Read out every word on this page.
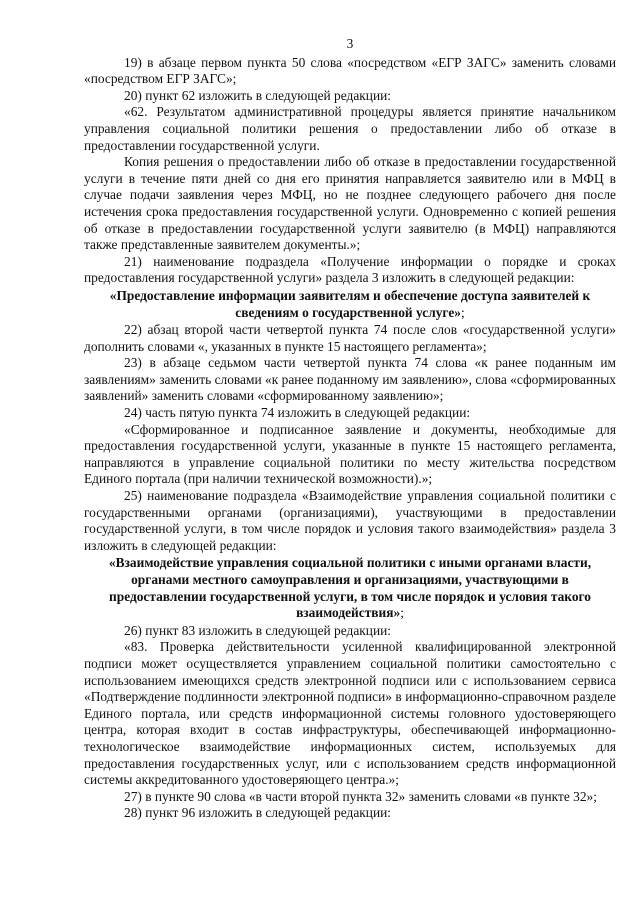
3

19) в абзаце первом пункта 50 слова «посредством «ЕГР ЗАГС» заменить словами «посредством ЕГР ЗАГС»;

20) пункт 62 изложить в следующей редакции:

«62. Результатом административной процедуры является принятие начальником управления социальной политики решения о предоставлении либо об отказе в предоставлении государственной услуги.

Копия решения о предоставлении либо об отказе в предоставлении государственной услуги в течение пяти дней со дня его принятия направляется заявителю или в МФЦ в случае подачи заявления через МФЦ, но не позднее следующего рабочего дня после истечения срока предоставления государственной услуги. Одновременно с копией решения об отказе в предоставлении государственной услуги заявителю (в МФЦ) направляются также представленные заявителем документы.»;

21) наименование подраздела «Получение информации о порядке и сроках предоставления государственной услуги» раздела 3 изложить в следующей редакции:

«Предоставление информации заявителям и обеспечение доступа заявителей к сведениям о государственной услуге»;

22) абзац второй части четвертой пункта 74 после слов «государственной услуги» дополнить словами «, указанных в пункте 15 настоящего регламента»;

23) в абзаце седьмом части четвертой пункта 74 слова «к ранее поданным им заявлениям» заменить словами «к ранее поданному им заявлению», слова «сформированных заявлений» заменить словами «сформированному заявлению»;

24) часть пятую пункта 74 изложить в следующей редакции:

«Сформированное и подписанное заявление и документы, необходимые для предоставления государственной услуги, указанные в пункте 15 настоящего регламента, направляются в управление социальной политики по месту жительства посредством Единого портала (при наличии технической возможности).»;

25) наименование подраздела «Взаимодействие управления социальной политики с государственными органами (организациями), участвующими в предоставлении государственной услуги, в том числе порядок и условия такого взаимодействия» раздела 3 изложить в следующей редакции:

«Взаимодействие управления социальной политики с иными органами власти, органами местного самоуправления и организациями, участвующими в предоставлении государственной услуги, в том числе порядок и условия такого взаимодействия»;

26) пункт 83 изложить в следующей редакции:

«83. Проверка действительности усиленной квалифицированной электронной подписи может осуществляется управлением социальной политики самостоятельно с использованием имеющихся средств электронной подписи или с использованием сервиса «Подтверждение подлинности электронной подписи» в информационно-справочном разделе Единого портала, или средств информационной системы головного удостоверяющего центра, которая входит в состав инфраструктуры, обеспечивающей информационно-технологическое взаимодействие информационных систем, используемых для предоставления государственных услуг, или с использованием средств информационной системы аккредитованного удостоверяющего центра.»;

27) в пункте 90 слова «в части второй пункта 32» заменить словами «в пункте 32»;

28) пункт 96 изложить в следующей редакции:
